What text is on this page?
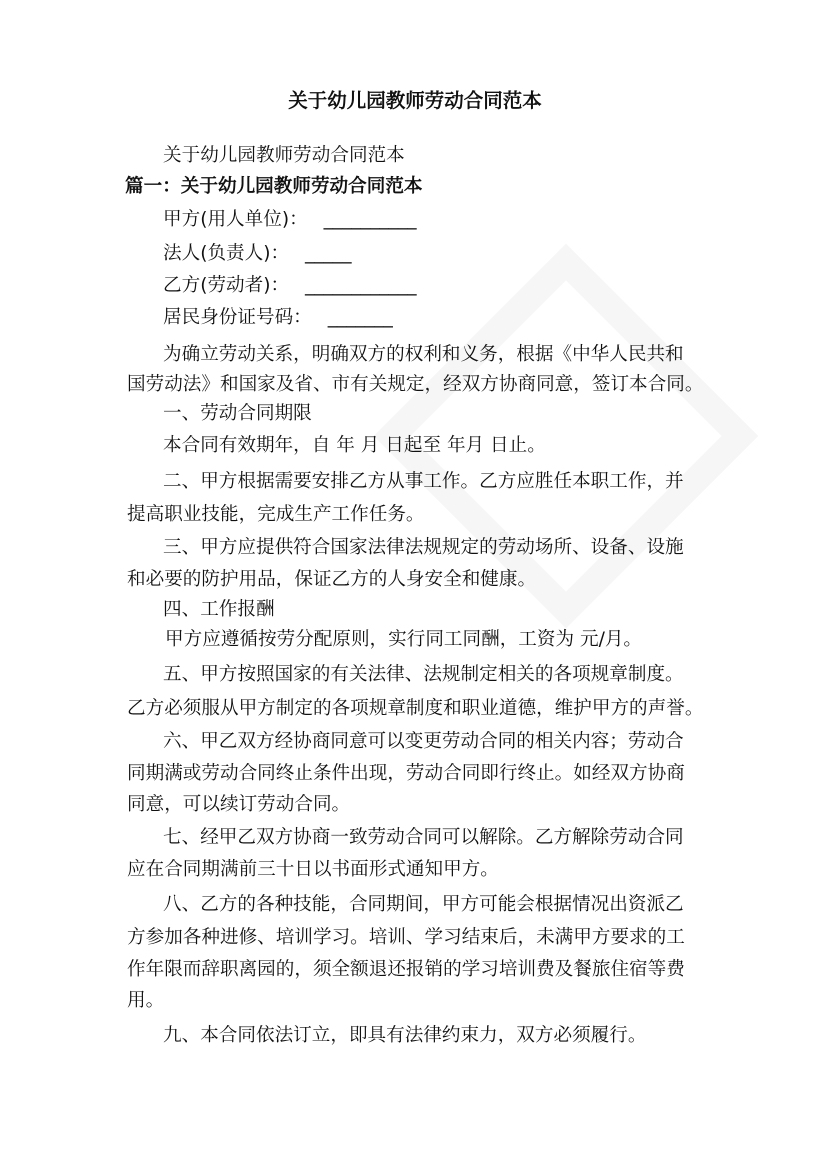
关于幼儿园教师劳动合同范本
关于幼儿园教师劳动合同范本
篇一：关于幼儿园教师劳动合同范本
甲方(用人单位)： __________
法人(负责人)： _____
乙方(劳动者)： ____________
居民身份证号码： _______
为确立劳动关系，明确双方的权利和义务，根据《中华人民共和
国劳动法》和国家及省、市有关规定，经双方协商同意，签订本合同。
一、劳动合同期限
本合同有效期年，自 年 月 日起至 年月 日止。
二、甲方根据需要安排乙方从事工作。乙方应胜任本职工作，并
提高职业技能，完成生产工作任务。
三、甲方应提供符合国家法律法规规定的劳动场所、设备、设施
和必要的防护用品，保证乙方的人身安全和健康。
四、工作报酬
甲方应遵循按劳分配原则，实行同工同酬，工资为 元/月。
五、甲方按照国家的有关法律、法规制定相关的各项规章制度。
乙方必须服从甲方制定的各项规章制度和职业道德，维护甲方的声誉。
六、甲乙双方经协商同意可以变更劳动合同的相关内容；劳动合
同期满或劳动合同终止条件出现，劳动合同即行终止。如经双方协商
同意，可以续订劳动合同。
七、经甲乙双方协商一致劳动合同可以解除。乙方解除劳动合同
应在合同期满前三十日以书面形式通知甲方。
八、乙方的各种技能，合同期间，甲方可能会根据情况出资派乙
方参加各种进修、培训学习。培训、学习结束后，未满甲方要求的工
作年限而辞职离园的，须全额退还报销的学习培训费及餐旅住宿等费
用。
九、本合同依法订立，即具有法律约束力，双方必须履行。
